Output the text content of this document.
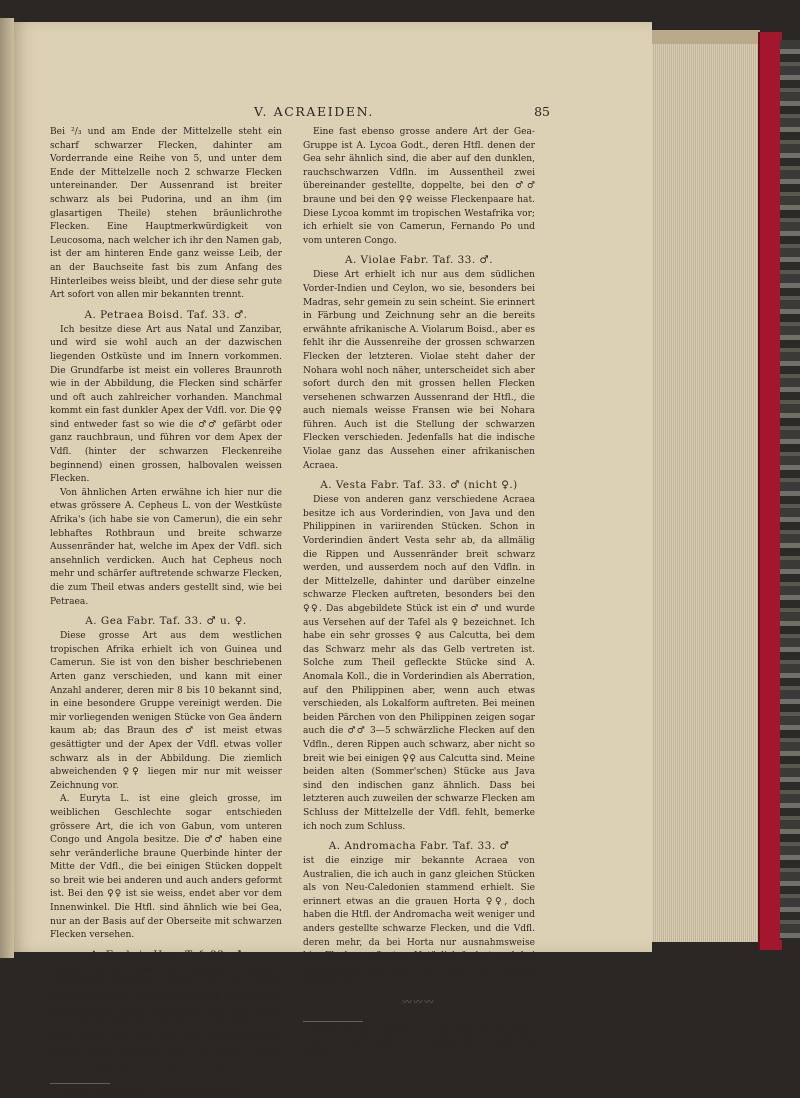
V. ACRAEIDEN.	85

Bei ²/₃ und am Ende der Mittelzelle steht ein scharf schwarzer Flecken, dahinter am Vorderrande eine Reihe von 5, und unter dem Ende der Mittelzelle noch 2 schwarze Flecken untereinander. Der Aussenrand ist breiter schwarz als bei Pudorina, und an ihm (im glasartigen Theile) stehen bräunlichrothe Flecken. Eine Hauptmerkwürdigkeit von Leucosoma, nach welcher ich ihr den Namen gab, ist der am hinteren Ende ganz weisse Leib, der an der Bauchseite fast bis zum Anfang des Hinterleibes weiss bleibt, und der diese sehr gute Art sofort von allen mir bekannten trennt.

A. Petraea Boisd. Taf. 33. ♂.

Ich besitze diese Art aus Natal und Zanzibar, und wird sie wohl auch an der dazwischen liegenden Ostküste und im Innern vorkommen. Die Grundfarbe ist meist ein volleres Braunroth wie in der Abbildung, die Flecken sind schärfer und oft auch zahlreicher vorhanden. Manchmal kommt ein fast dunkler Apex der Vdfl. vor. Die ♀♀ sind entweder fast so wie die ♂♂ gefärbt oder ganz rauchbraun, und führen vor dem Apex der Vdfl. (hinter der schwarzen Fleckenreihe beginnend) einen grossen, halbovalen weissen Flecken.

Von ähnlichen Arten erwähne ich hier nur die etwas grössere A. Cepheus L. von der Westküste Afrika's (ich habe sie von Camerun), die ein sehr lebhaftes Rothbraun und breite schwarze Aussenränder hat, welche im Apex der Vdfl. sich ansehnlich verdicken. Auch hat Cepheus noch mehr und schärfer auftretende schwarze Flecken, die zum Theil etwas anders gestellt sind, wie bei Petraea.

A. Gea Fabr. Taf. 33. ♂ u. ♀.

Diese grosse Art aus dem westlichen tropischen Afrika erhielt ich von Guinea und Camerun. Sie ist von den bisher beschriebenen Arten ganz verschieden, und kann mit einer Anzahl anderer, deren mir 8 bis 10 bekannt sind, in eine besondere Gruppe vereinigt werden. Die mir vorliegenden wenigen Stücke von Gea ändern kaum ab; das Braun des ♂ ist meist etwas gesättigter und der Apex der Vdfl. etwas voller schwarz als in der Abbildung. Die ziemlich abweichenden ♀♀ liegen mir nur mit weisser Zeichnung vor.

A. Euryta L. ist eine gleich grosse, im weiblichen Geschlechte sogar entschieden grössere Art, die ich von Gabun, vom unteren Congo und Angola besitze. Die ♂♂ haben eine sehr veränderliche braune Querbinde hinter der Mitte der Vdfl., die bei einigen Stücken doppelt so breit wie bei anderen und auch anders geformt ist. Bei den ♀♀ ist sie weiss, endet aber vor dem Innenwinkel. Die Htfl. sind ähnlich wie bei Gea, nur an der Basis auf der Oberseite mit schwarzen Flecken versehen.

A. Esebria Hew. Taf. 33. ♂

besitze ich von Natal und Angola in ziemlich variirenden Stücken. Meist sind die hellen Zeichnungen der ♂♂ matt lehmgelb wie bei dem abgebildeten Stücke; ich erhielt aber auch braun gezeichnete ♂♂. Bei den ♀♀ ist das Apicalband stets weiss, die Htfl. und der Innenrandsfleck bleiben meist gelblich, aber bei einem Stücke sind sie weiss, bei einem andern bräunlich.

Petraea, steinig, felsig; — Gea, Stadt in Arabien.

Eine fast ebenso grosse andere Art der Gea-Gruppe ist A. Lycoa Godt., deren Htfl. denen der Gea sehr ähnlich sind, die aber auf den dunklen, rauchschwarzen Vdfln. im Aussentheil zwei übereinander gestellte, doppelte, bei den ♂♂ braune und bei den ♀♀ weisse Fleckenpaare hat. Diese Lycoa kommt im tropischen Westafrika vor; ich erhielt sie von Camerun, Fernando Po und vom unteren Congo.

A. Violae Fabr. Taf. 33. ♂.

Diese Art erhielt ich nur aus dem südlichen Vorder-Indien und Ceylon, wo sie, besonders bei Madras, sehr gemein zu sein scheint. Sie erinnert in Färbung und Zeichnung sehr an die bereits erwähnte afrikanische A. Violarum Boisd., aber es fehlt ihr die Aussenreihe der grossen schwarzen Flecken der letzteren. Violae steht daher der Nohara wohl noch näher, unterscheidet sich aber sofort durch den mit grossen hellen Flecken versehenen schwarzen Aussenrand der Htfl., die auch niemals weisse Fransen wie bei Nohara führen. Auch ist die Stellung der schwarzen Flecken verschieden. Jedenfalls hat die indische Violae ganz das Aussehen einer afrikanischen Acraea.

A. Vesta Fabr. Taf. 33. ♂ (nicht ♀.)

Diese von anderen ganz verschiedene Acraea besitze ich aus Vorderindien, von Java und den Philippinen in variirenden Stücken. Schon in Vorderindien ändert Vesta sehr ab, da allmälig die Rippen und Aussenränder breit schwarz werden, und ausserdem noch auf den Vdfln. in der Mittelzelle, dahinter und darüber einzelne schwarze Flecken auftreten, besonders bei den ♀♀. Das abgebildete Stück ist ein ♂ und wurde aus Versehen auf der Tafel als ♀ bezeichnet. Ich habe ein sehr grosses ♀ aus Calcutta, bei dem das Schwarz mehr als das Gelb vertreten ist. Solche zum Theil gefleckte Stücke sind A. Anomala Koll., die in Vorderindien als Aberration, auf den Philippinen aber, wenn auch etwas verschieden, als Lokalform auftreten. Bei meinen beiden Pärchen von den Philippinen zeigen sogar auch die ♂♂ 3—5 schwärzliche Flecken auf den Vdfln., deren Rippen auch schwarz, aber nicht so breit wie bei einigen ♀♀ aus Calcutta sind. Meine beiden alten (Sommer'schen) Stücke aus Java sind den indischen ganz ähnlich. Dass bei letzteren auch zuweilen der schwarze Flecken am Schluss der Mittelzelle der Vdfl. fehlt, bemerke ich noch zum Schluss.

A. Andromacha Fabr. Taf. 33. ♂

ist die einzige mir bekannte Acraea von Australien, die ich auch in ganz gleichen Stücken als von Neu-Caledonien stammend erhielt. Sie erinnert etwas an die grauen Horta ♀♀, doch haben die Htfl. der Andromacha weit weniger und anders gestellte schwarze Flecken, und die Vdfl. deren mehr, da bei Horta nur ausnahmsweise hier Flecken auftreten. Natürlich ändert auch bei Andromacha die Zahl und Form der Flecken ziemlich ab.

〰〰〰

Violae von viola, Veilchen. — Vesta, Göttin des häuslichen Feuers. — Andromacha oder Andromache, Gemahlin des Hector.
